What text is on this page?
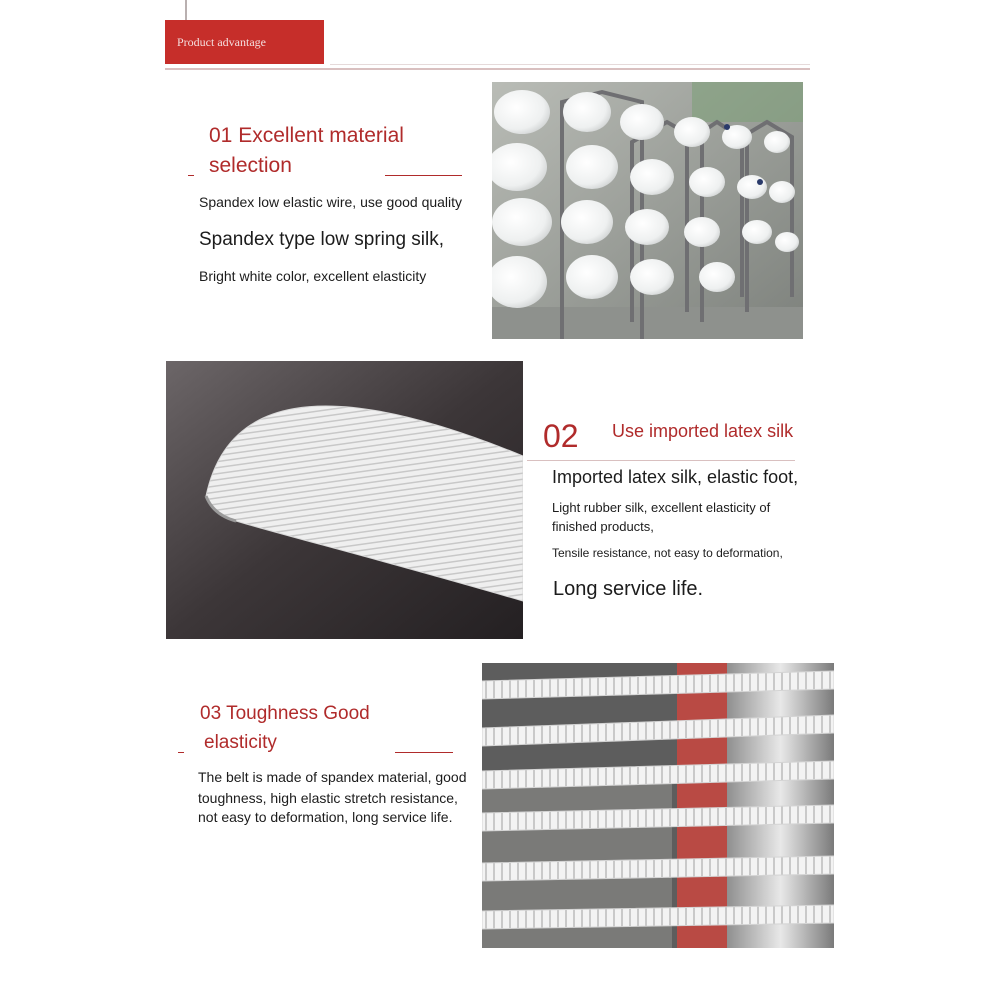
Product advantage
01 Excellent material
selection
Spandex low elastic wire, use good quality
Spandex type low spring silk,
Bright white color, excellent elasticity
02 Use imported latex silk
Imported latex silk, elastic foot,
Light rubber silk, excellent elasticity of
finished products,
Tensile resistance, not easy to deformation,
Long service life.
03 Toughness Good
elasticity
The belt is made of spandex material, good
toughness, high elastic stretch resistance,
not easy to deformation, long service life.
